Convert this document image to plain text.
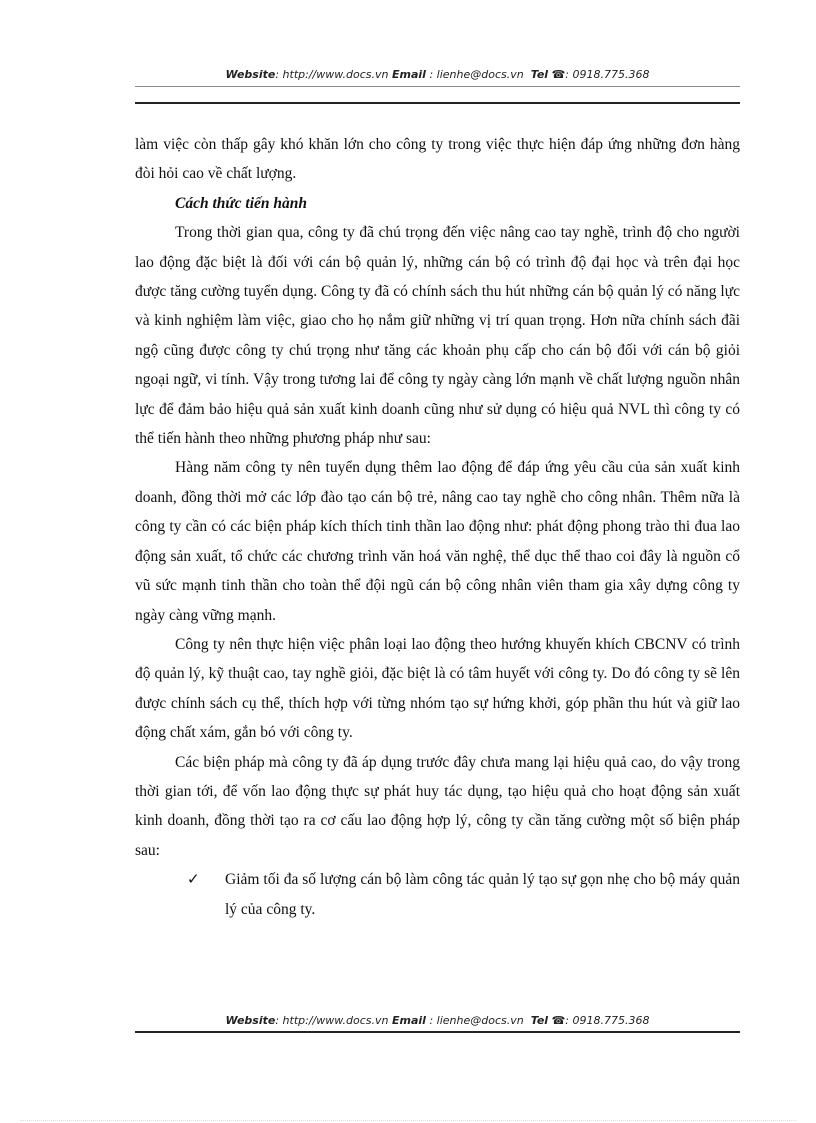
Website: http://www.docs.vn Email : lienhe@docs.vn Tel ☎: 0918.775.368

làm việc còn thấp gây khó khăn lớn cho công ty trong việc thực hiện đáp ứng những đơn hàng đòi hỏi cao về chất lượng.

Cách thức tiến hành

Trong thời gian qua, công ty đã chú trọng đến việc nâng cao tay nghề, trình độ cho người lao động đặc biệt là đối với cán bộ quản lý, những cán bộ có trình độ đại học và trên đại học được tăng cường tuyển dụng. Công ty đã có chính sách thu hút những cán bộ quản lý có năng lực và kinh nghiệm làm việc, giao cho họ nắm giữ những vị trí quan trọng. Hơn nữa chính sách đãi ngộ cũng được công ty chú trọng như tăng các khoản phụ cấp cho cán bộ đối với cán bộ giỏi ngoại ngữ, vi tính. Vậy trong tương lai để công ty ngày càng lớn mạnh về chất lượng nguồn nhân lực để đảm bảo hiệu quả sản xuất kinh doanh cũng như sử dụng có hiệu quả NVL thì công ty có thể tiến hành theo những phương pháp như sau:

Hàng năm công ty nên tuyển dụng thêm lao động để đáp ứng yêu cầu của sản xuất kinh doanh, đồng thời mở các lớp đào tạo cán bộ trẻ, nâng cao tay nghề cho công nhân. Thêm nữa là công ty cần có các biện pháp kích thích tinh thần lao động như: phát động phong trào thi đua lao động sản xuất, tổ chức các chương trình văn hoá văn nghệ, thể dục thể thao coi đây là nguồn cổ vũ sức mạnh tinh thần cho toàn thể đội ngũ cán bộ công nhân viên tham gia xây dựng công ty ngày càng vững mạnh.

Công ty nên thực hiện việc phân loại lao động theo hướng khuyến khích CBCNV có trình độ quản lý, kỹ thuật cao, tay nghề giỏi, đặc biệt là có tâm huyết với công ty. Do đó công ty sẽ lên được chính sách cụ thể, thích hợp với từng nhóm tạo sự hứng khởi, góp phần thu hút và giữ lao động chất xám, gắn bó với công ty.

Các biện pháp mà công ty đã áp dụng trước đây chưa mang lại hiệu quả cao, do vậy trong thời gian tới, để vốn lao động thực sự phát huy tác dụng, tạo hiệu quả cho hoạt động sản xuất kinh doanh, đồng thời tạo ra cơ cấu lao động hợp lý, công ty cần tăng cường một số biện pháp sau:

✓	Giảm tối đa số lượng cán bộ làm công tác quản lý tạo sự gọn nhẹ cho bộ máy quản lý của công ty.
Website: http://www.docs.vn Email : lienhe@docs.vn Tel ☎: 0918.775.368
